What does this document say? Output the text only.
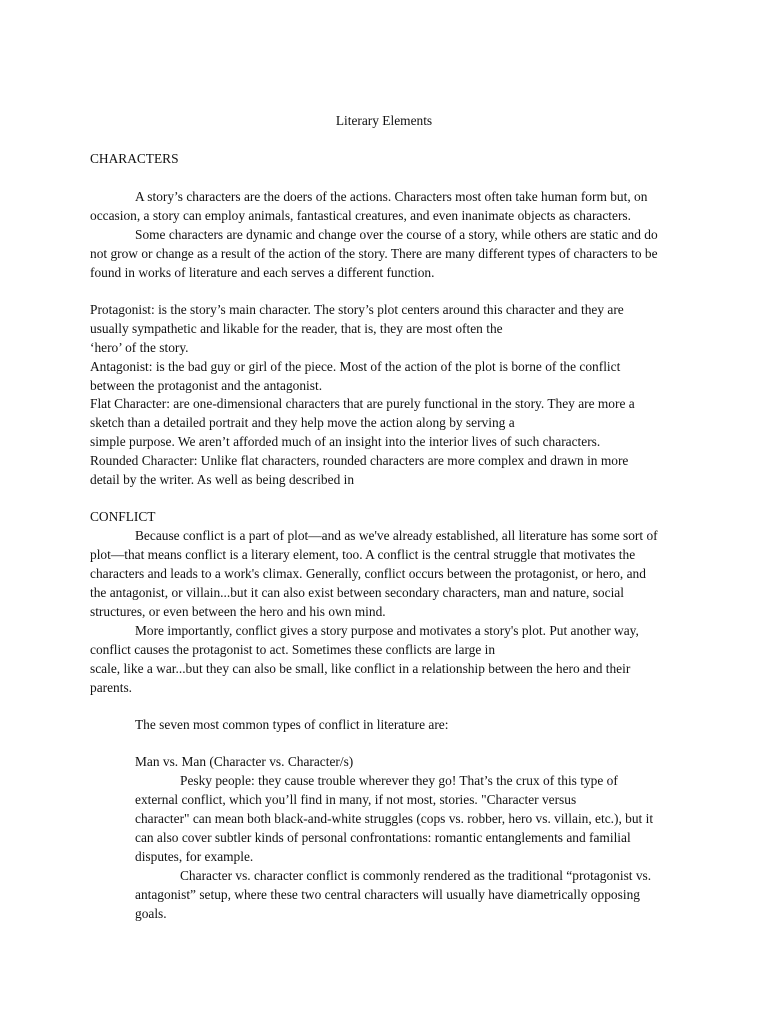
Literary Elements
CHARACTERS
A story’s characters are the doers of the actions. Characters most often take human form but, on
occasion, a story can employ animals, fantastical creatures, and even inanimate objects as characters.
Some characters are dynamic and change over the course of a story, while others are static and do
not grow or change as a result of the action of the story. There are many different types of characters to be
found in works of literature and each serves a different function.
Protagonist: is the story’s main character. The story’s plot centers around this character and they are
usually sympathetic and likable for the reader, that is, they are most often the
‘hero’ of the story.
Antagonist: is the bad guy or girl of the piece. Most of the action of the plot is borne of the conflict
between the protagonist and the antagonist.
Flat Character: are one-dimensional characters that are purely functional in the story. They are more a
sketch than a detailed portrait and they help move the action along by serving a
simple purpose. We aren’t afforded much of an insight into the interior lives of such characters.
Rounded Character: Unlike flat characters, rounded characters are more complex and drawn in more
detail by the writer. As well as being described in
CONFLICT
Because conflict is a part of plot—and as we've already established, all literature has some sort of
plot—that means conflict is a literary element, too. A conflict is the central struggle that motivates the
characters and leads to a work's climax. Generally, conflict occurs between the protagonist, or hero, and
the antagonist, or villain...but it can also exist between secondary characters, man and nature, social
structures, or even between the hero and his own mind.
More importantly, conflict gives a story purpose and motivates a story's plot. Put another way,
conflict causes the protagonist to act. Sometimes these conflicts are large in
scale, like a war...but they can also be small, like conflict in a relationship between the hero and their
parents.
The seven most common types of conflict in literature are:
Man vs. Man (Character vs. Character/s)
Pesky people: they cause trouble wherever they go! That’s the crux of this type of
external conflict, which you’ll find in many, if not most, stories. "Character versus
character" can mean both black-and-white struggles (cops vs. robber, hero vs. villain, etc.), but it
can also cover subtler kinds of personal confrontations: romantic entanglements and familial
disputes, for example.
Character vs. character conflict is commonly rendered as the traditional “protagonist vs.
antagonist” setup, where these two central characters will usually have diametrically opposing
goals.
